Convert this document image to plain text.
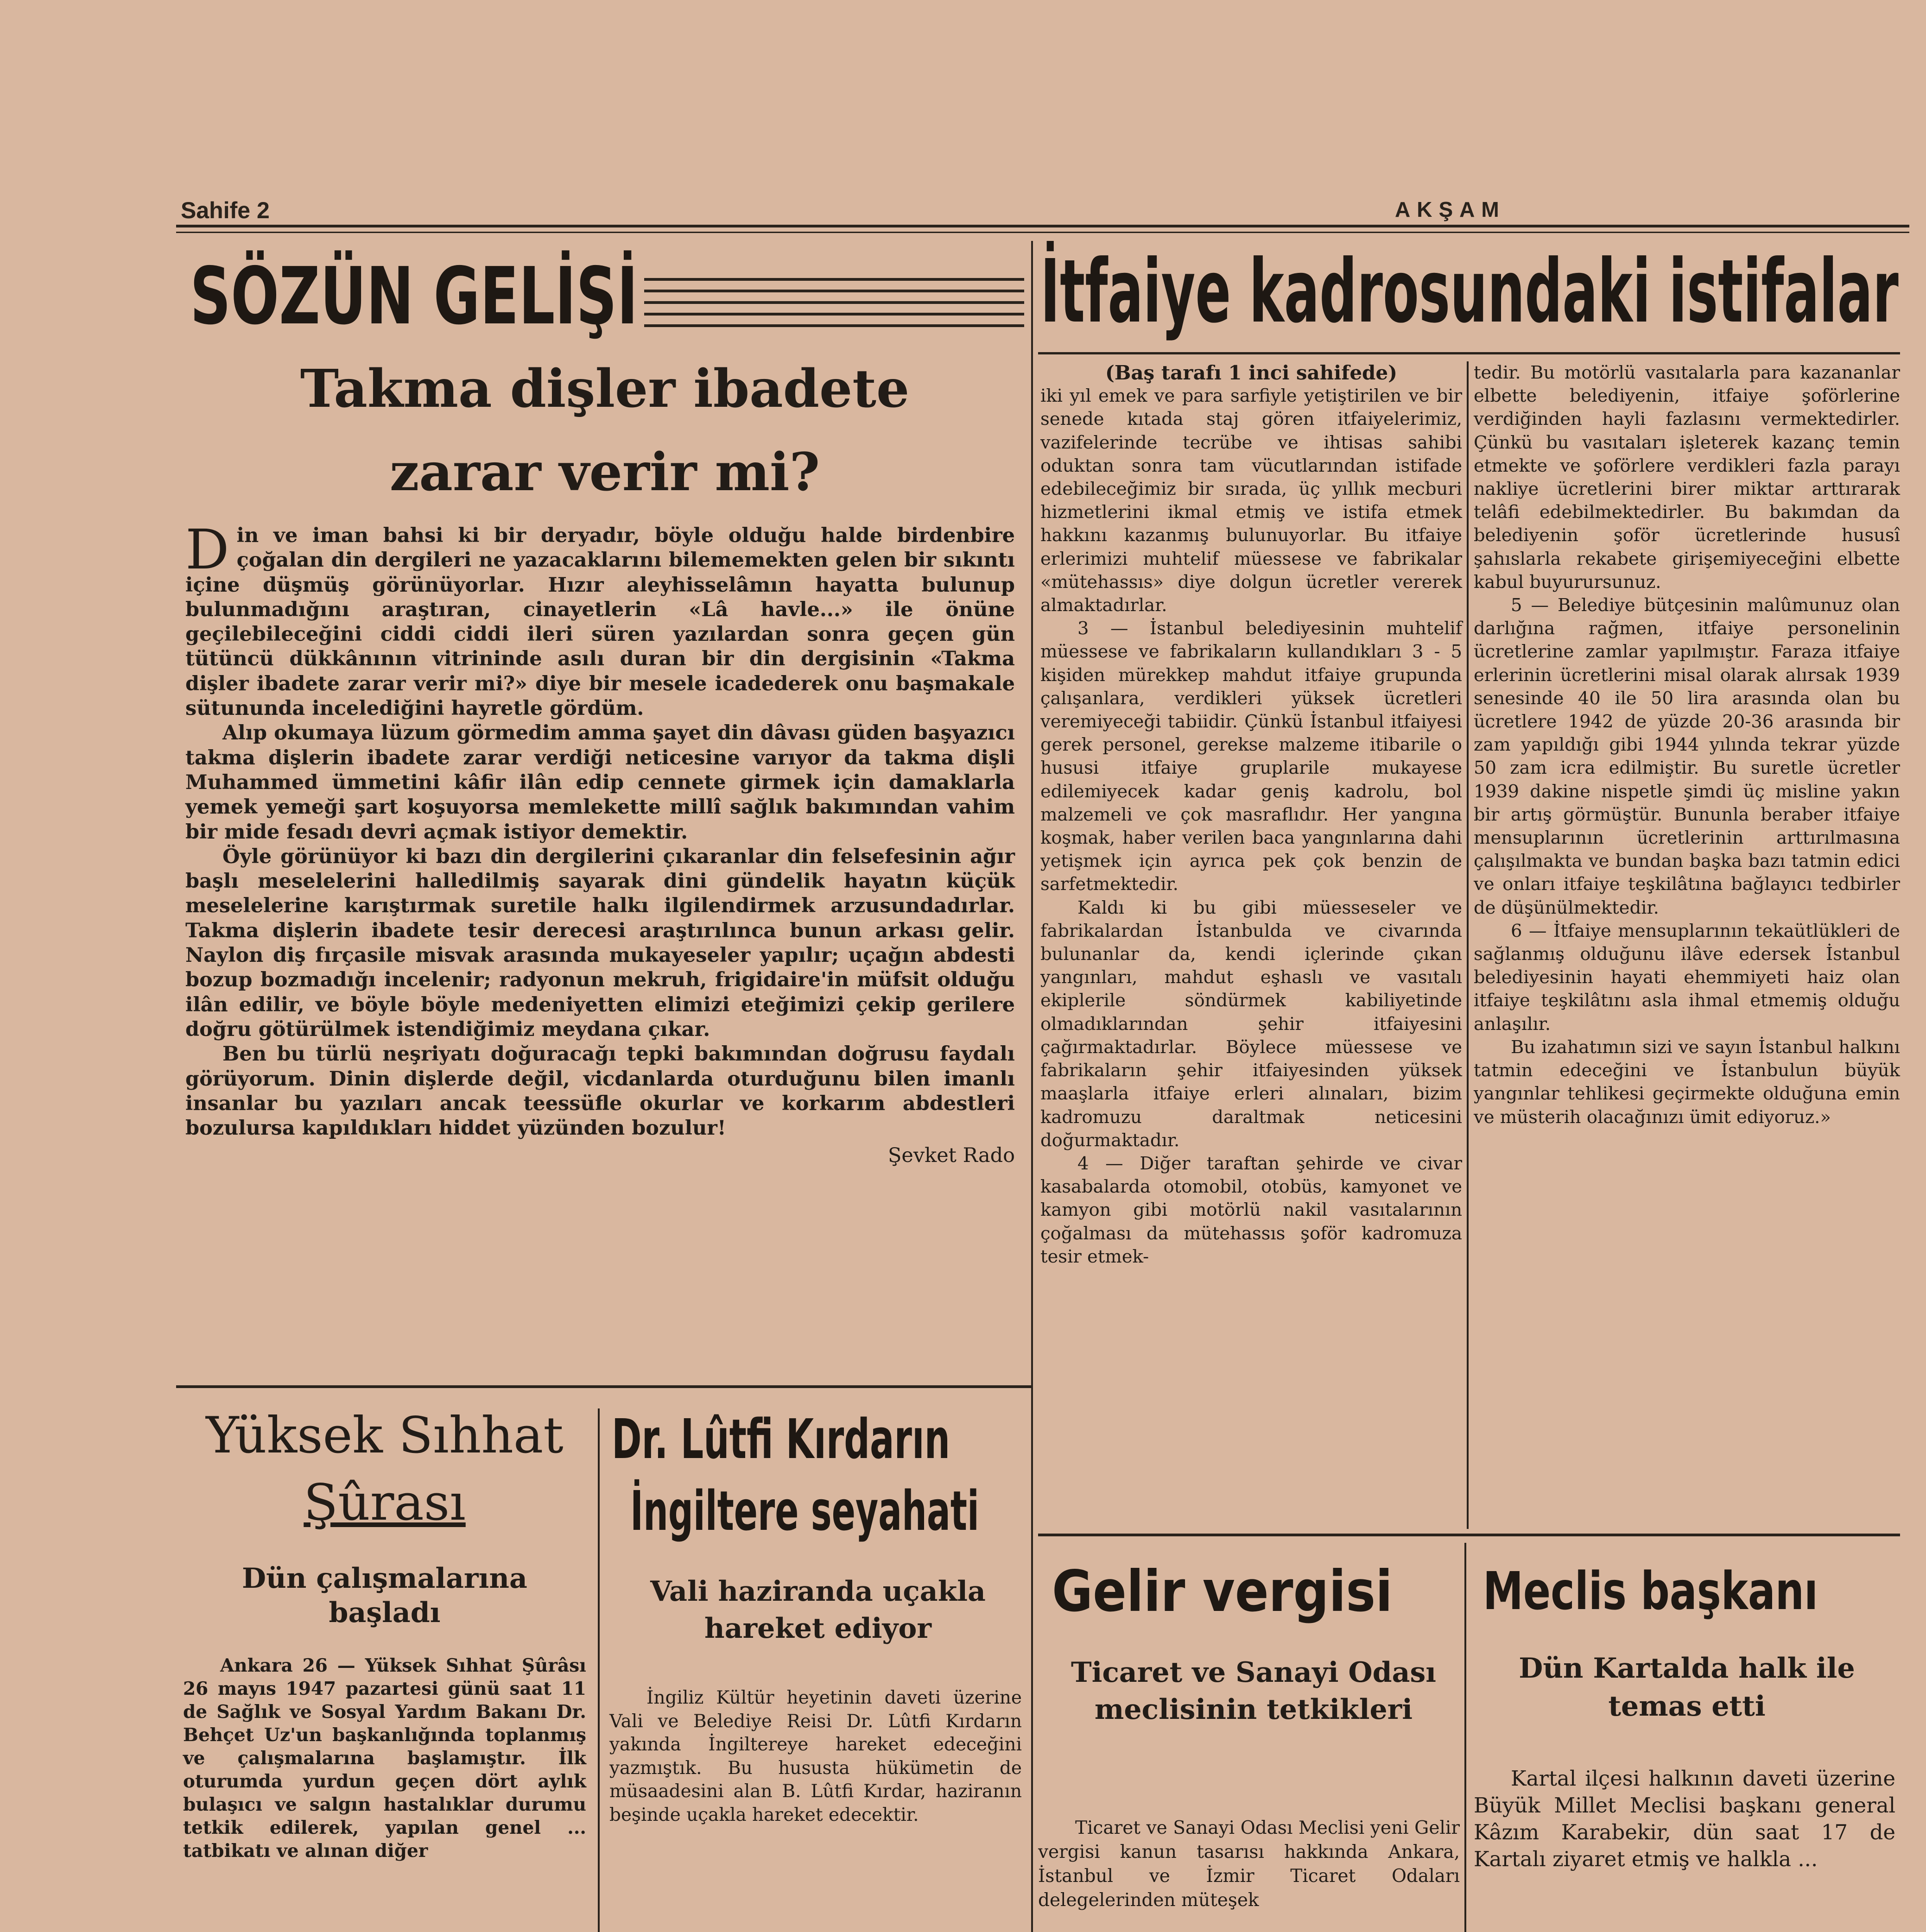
Sahife 2	AKŞAM
SÖZÜN GELİŞİ
Takma dişler ibadete
zarar verir mi?

Din ve iman bahsi ki bir deryadır, böyle olduğu halde birdenbire çoğalan din dergileri ne yazacaklarını bilememekten gelen bir sıkıntı içine düşmüş görünüyorlar. Hızır aleyhisselâmın hayatta bulunup bulunmadığını araştıran, cinayetlerin «Lâ havle...» ile önüne geçilebileceğini ciddi ciddi ileri süren yazılardan sonra geçen gün tütüncü dükkânının vitrininde asılı duran bir din dergisinin «Takma dişler ibadete zarar verir mi?» diye bir mesele icadederek onu başmakale sütununda incelediğini hayretle gördüm.

Alıp okumaya lüzum görmedim amma şayet din dâvası güden başyazıcı takma dişlerin ibadete zarar verdiği neticesine varıyor da takma dişli Muhammed ümmetini kâfir ilân edip cennete girmek için damaklarla yemek yemeği şart koşuyorsa memlekette millî sağlık bakımından vahim bir mide fesadı devri açmak istiyor demektir.

Öyle görünüyor ki bazı din dergilerini çıkaranlar din felsefesinin ağır başlı meselelerini halledilmiş sayarak dini gündelik hayatın küçük meselelerine karıştırmak suretile halkı ilgilendirmek arzusundadırlar. Takma dişlerin ibadete tesir derecesi araştırılınca bunun arkası gelir. Naylon diş fırçasile misvak arasında mukayeseler yapılır; uçağın abdesti bozup bozmadığı incelenir; radyonun mekruh, frigidaire'in müfsit olduğu ilân edilir, ve böyle böyle medeniyetten elimizi eteğimizi çekip gerilere doğru götürülmek istendiğimiz meydana çıkar.

Ben bu türlü neşriyatı doğuracağı tepki bakımından doğrusu faydalı görüyorum. Dinin dişlerde değil, vicdanlarda oturduğunu bilen imanlı insanlar bu yazıları ancak teessüfle okurlar ve korkarım abdestleri bozulursa kapıldıkları hiddet yüzünden bozulur!

Şevket Rado
İtfaiye kadrosundaki istifalar
(Baş tarafı 1 inci sahifede)

iki yıl emek ve para sarfiyle yetiştirilen ve bir senede kıtada staj gören itfaiyelerimiz, vazifelerinde tecrübe ve ihtisas sahibi oduktan sonra tam vücutlarından istifade edebileceğimiz bir sırada, üç yıllık mecburi hizmetlerini ikmal etmiş ve istifa etmek hakkını kazanmış bulunuyorlar. Bu itfaiye erlerimizi muhtelif müessese ve fabrikalar «mütehassıs» diye dolgun ücretler vererek almaktadırlar.

3 — İstanbul belediyesinin muhtelif müessese ve fabrikaların kullandıkları 3 - 5 kişiden mürekkep mahdut itfaiye grupunda çalışanlara, verdikleri yüksek ücretleri veremiyeceği tabiidir. Çünkü İstanbul itfaiyesi gerek personel, gerekse malzeme itibarile o hususi itfaiye gruplarile mukayese edilemiyecek kadar geniş kadrolu, bol malzemeli ve çok masraflıdır. Her yangına koşmak, haber verilen baca yangınlarına dahi yetişmek için ayrıca pek çok benzin de sarfetmektedir.

Kaldı ki bu gibi müesseseler ve fabrikalardan İstanbulda ve civarında bulunanlar da, kendi içlerinde çıkan yangınları, mahdut eşhaslı ve vasıtalı ekiplerile söndürmek kabiliyetinde olmadıklarından şehir itfaiyesini çağırmaktadırlar. Böylece müessese ve fabrikaların şehir itfaiyesinden yüksek maaşlarla itfaiye erleri alınaları, bizim kadromuzu daraltmak neticesini doğurmaktadır.

4 — Diğer taraftan şehirde ve civar kasabalarda otomobil, otobüs, kamyonet ve kamyon gibi motörlü nakil vasıtalarının çoğalması da mütehassıs şoför kadromuza tesir etmek-

tedir. Bu motörlü vasıtalarla para kazananlar elbette belediyenin, itfaiye şoförlerine verdiğinden hayli fazlasını vermektedirler. Çünkü bu vasıtaları işleterek kazanç temin etmekte ve şoförlere verdikleri fazla parayı nakliye ücretlerini birer miktar arttırarak telâfi edebilmektedirler. Bu bakımdan da belediyenin şoför ücretlerinde hususî şahıslarla rekabete girişemiyeceğini elbette kabul buyurursunuz.

5 — Belediye bütçesinin malûmunuz olan darlığına rağmen, itfaiye personelinin ücretlerine zamlar yapılmıştır. Faraza itfaiye erlerinin ücretlerini misal olarak alırsak 1939 senesinde 40 ile 50 lira arasında olan bu ücretlere 1942 de yüzde 20-36 arasında bir zam yapıldığı gibi 1944 yılında tekrar yüzde 50 zam icra edilmiştir. Bu suretle ücretler 1939 dakine nispetle şimdi üç misline yakın bir artış görmüştür. Bununla beraber itfaiye mensuplarının ücretlerinin arttırılmasına çalışılmakta ve bundan başka bazı tatmin edici ve onları itfaiye teşkilâtına bağlayıcı tedbirler de düşünülmektedir.

6 — İtfaiye mensuplarının tekaütlükleri de sağlanmış olduğunu ilâve edersek İstanbul belediyesinin hayati ehemmiyeti haiz olan itfaiye teşkilâtını asla ihmal etmemiş olduğu anlaşılır.

Bu izahatımın sizi ve sayın İstanbul halkını tatmin edeceğini ve İstanbulun büyük yangınlar tehlikesi geçirmekte olduğuna emin ve müsterih olacağınızı ümit ediyoruz.»

Yüksek Sıhhat
Şûrası
Dün çalışmalarına başladı

Ankara 26 — Yüksek Sıhhat Şûrâsı 26 mayıs 1947 pazartesi günü saat 11 de Sağlık ve Sosyal Yardım Bakanı Dr. Behçet Uz'un başkanlığında toplanmış ve çalışmalarına başlamıştır. İlk oturumda yurdun geçen dört aylık bulaşıcı ve salgın hastalıklar durumu tetkik edilerek, yapılan genel ... tatbikatı ve alınan diğer

Dr. Lûtfi Kırdarın
İngiltere seyahati
Vali haziranda uçakla hareket ediyor

İngiliz Kültür heyetinin daveti üzerine Vali ve Belediye Reisi Dr. Lûtfi Kırdarın yakında İngiltereye hareket edeceğini yazmıştık. Bu hususta hükümetin de müsaadesini alan B. Lûtfi Kırdar, haziranın beşinde uçakla hareket edecektir.

Gelir vergisi
Ticaret ve Sanayi Odası meclisinin tetkikleri

Ticaret ve Sanayi Odası Meclisi yeni Gelir vergisi kanun tasarısı hakkında Ankara, İstanbul ve İzmir Ticaret Odaları delegelerinden müteşek

Meclis başkanı
Dün Kartalda halk ile temas etti

Kartal ilçesi halkının daveti üzerine Büyük Millet Meclisi başkanı general Kâzım Karabekir, dün saat 17 de Kartalı ziyaret etmiş ve halkla ...
